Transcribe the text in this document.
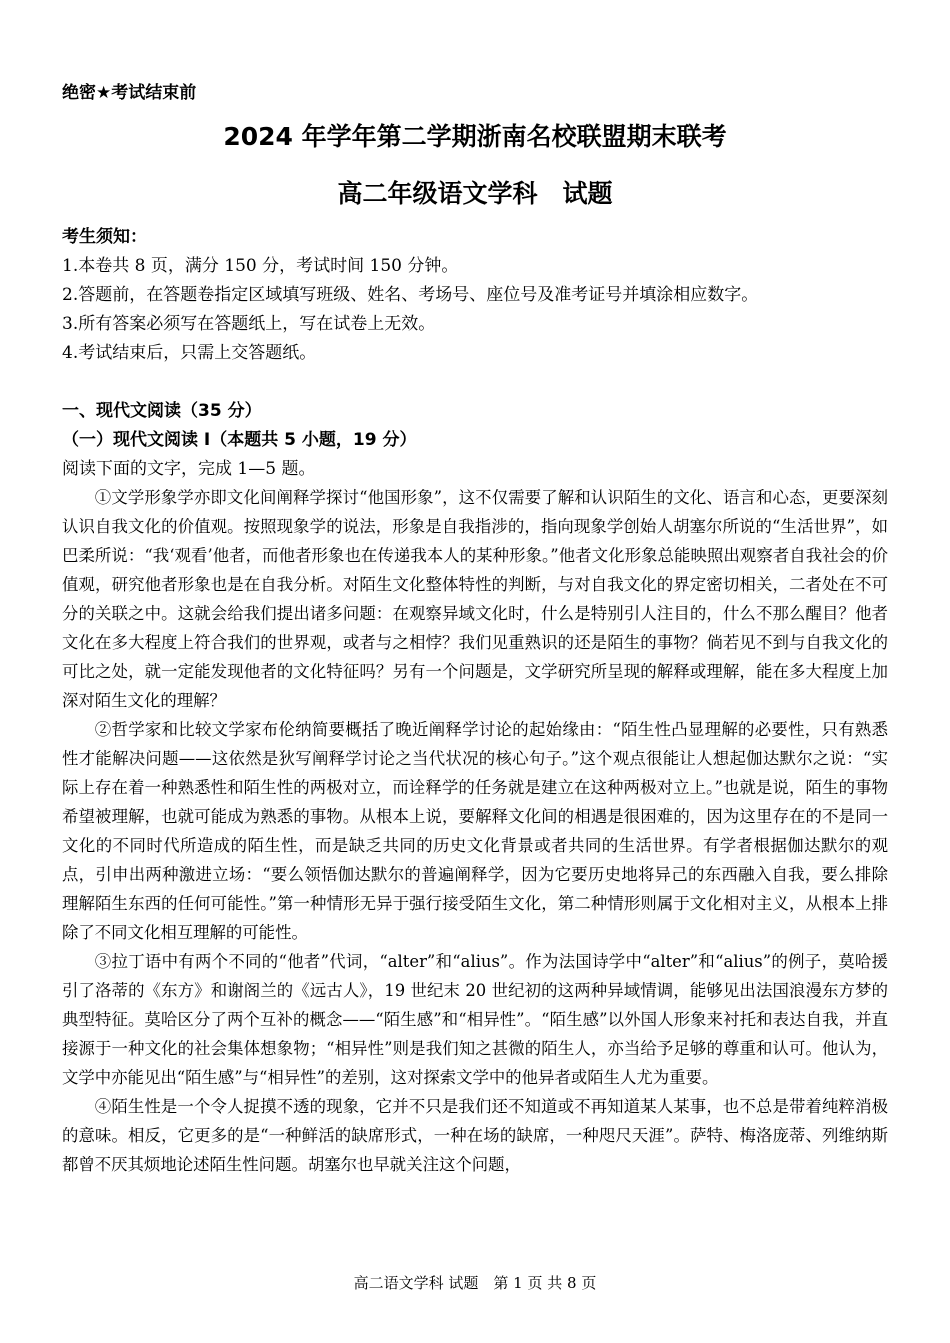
绝密★考试结束前
2024 年学年第二学期浙南名校联盟期末联考
高二年级语文学科　试题
考生须知：
1.本卷共 8 页，满分 150 分，考试时间 150 分钟。
2.答题前，在答题卷指定区域填写班级、姓名、考场号、座位号及准考证号并填涂相应数字。
3.所有答案必须写在答题纸上，写在试卷上无效。
4.考试结束后，只需上交答题纸。
一、现代文阅读（35 分）
（一）现代文阅读 I（本题共 5 小题，19 分）
阅读下面的文字，完成 1—5 题。

①文学形象学亦即文化间阐释学探讨“他国形象”，这不仅需要了解和认识陌生的文化、语言和心态，更要深刻认识自我文化的价值观。按照现象学的说法，形象是自我指涉的，指向现象学创始人胡塞尔所说的“生活世界”，如巴柔所说：“我‘观看’他者，而他者形象也在传递我本人的某种形象。”他者文化形象总能映照出观察者自我社会的价值观，研究他者形象也是在自我分析。对陌生文化整体特性的判断，与对自我文化的界定密切相关，二者处在不可分的关联之中。这就会给我们提出诸多问题：在观察异域文化时，什么是特别引人注目的，什么不那么醒目？他者文化在多大程度上符合我们的世界观，或者与之相悖？我们见重熟识的还是陌生的事物？倘若见不到与自我文化的可比之处，就一定能发现他者的文化特征吗？另有一个问题是，文学研究所呈现的解释或理解，能在多大程度上加深对陌生文化的理解？

②哲学家和比较文学家布伦纳简要概括了晚近阐释学讨论的起始缘由：“陌生性凸显理解的必要性，只有熟悉性才能解决问题——这依然是狄写阐释学讨论之当代状况的核心句子。”这个观点很能让人想起伽达默尔之说：“实际上存在着一种熟悉性和陌生性的两极对立，而诠释学的任务就是建立在这种两极对立上。”也就是说，陌生的事物希望被理解，也就可能成为熟悉的事物。从根本上说，要解释文化间的相遇是很困难的，因为这里存在的不是同一文化的不同时代所造成的陌生性，而是缺乏共同的历史文化背景或者共同的生活世界。有学者根据伽达默尔的观点，引申出两种激进立场：“要么领悟伽达默尔的普遍阐释学，因为它要历史地将异己的东西融入自我，要么排除理解陌生东西的任何可能性。”第一种情形无异于强行接受陌生文化，第二种情形则属于文化相对主义，从根本上排除了不同文化相互理解的可能性。

③拉丁语中有两个不同的“他者”代词，“alter”和“alius”。作为法国诗学中“alter”和“alius”的例子，莫哈援引了洛蒂的《东方》和谢阁兰的《远古人》，19 世纪末 20 世纪初的这两种异域情调，能够见出法国浪漫东方梦的典型特征。莫哈区分了两个互补的概念——“陌生感”和“相异性”。“陌生感”以外国人形象来衬托和表达自我，并直接源于一种文化的社会集体想象物；“相异性”则是我们知之甚微的陌生人，亦当给予足够的尊重和认可。他认为，文学中亦能见出“陌生感”与“相异性”的差别，这对探索文学中的他异者或陌生人尤为重要。

④陌生性是一个令人捉摸不透的现象，它并不只是我们还不知道或不再知道某人某事，也不总是带着纯粹消极的意味。相反，它更多的是“一种鲜活的缺席形式，一种在场的缺席，一种咫尺天涯”。萨特、梅洛庞蒂、列维纳斯都曾不厌其烦地论述陌生性问题。胡塞尔也早就关注这个问题，

高二语文学科 试题　第 1 页 共 8 页
